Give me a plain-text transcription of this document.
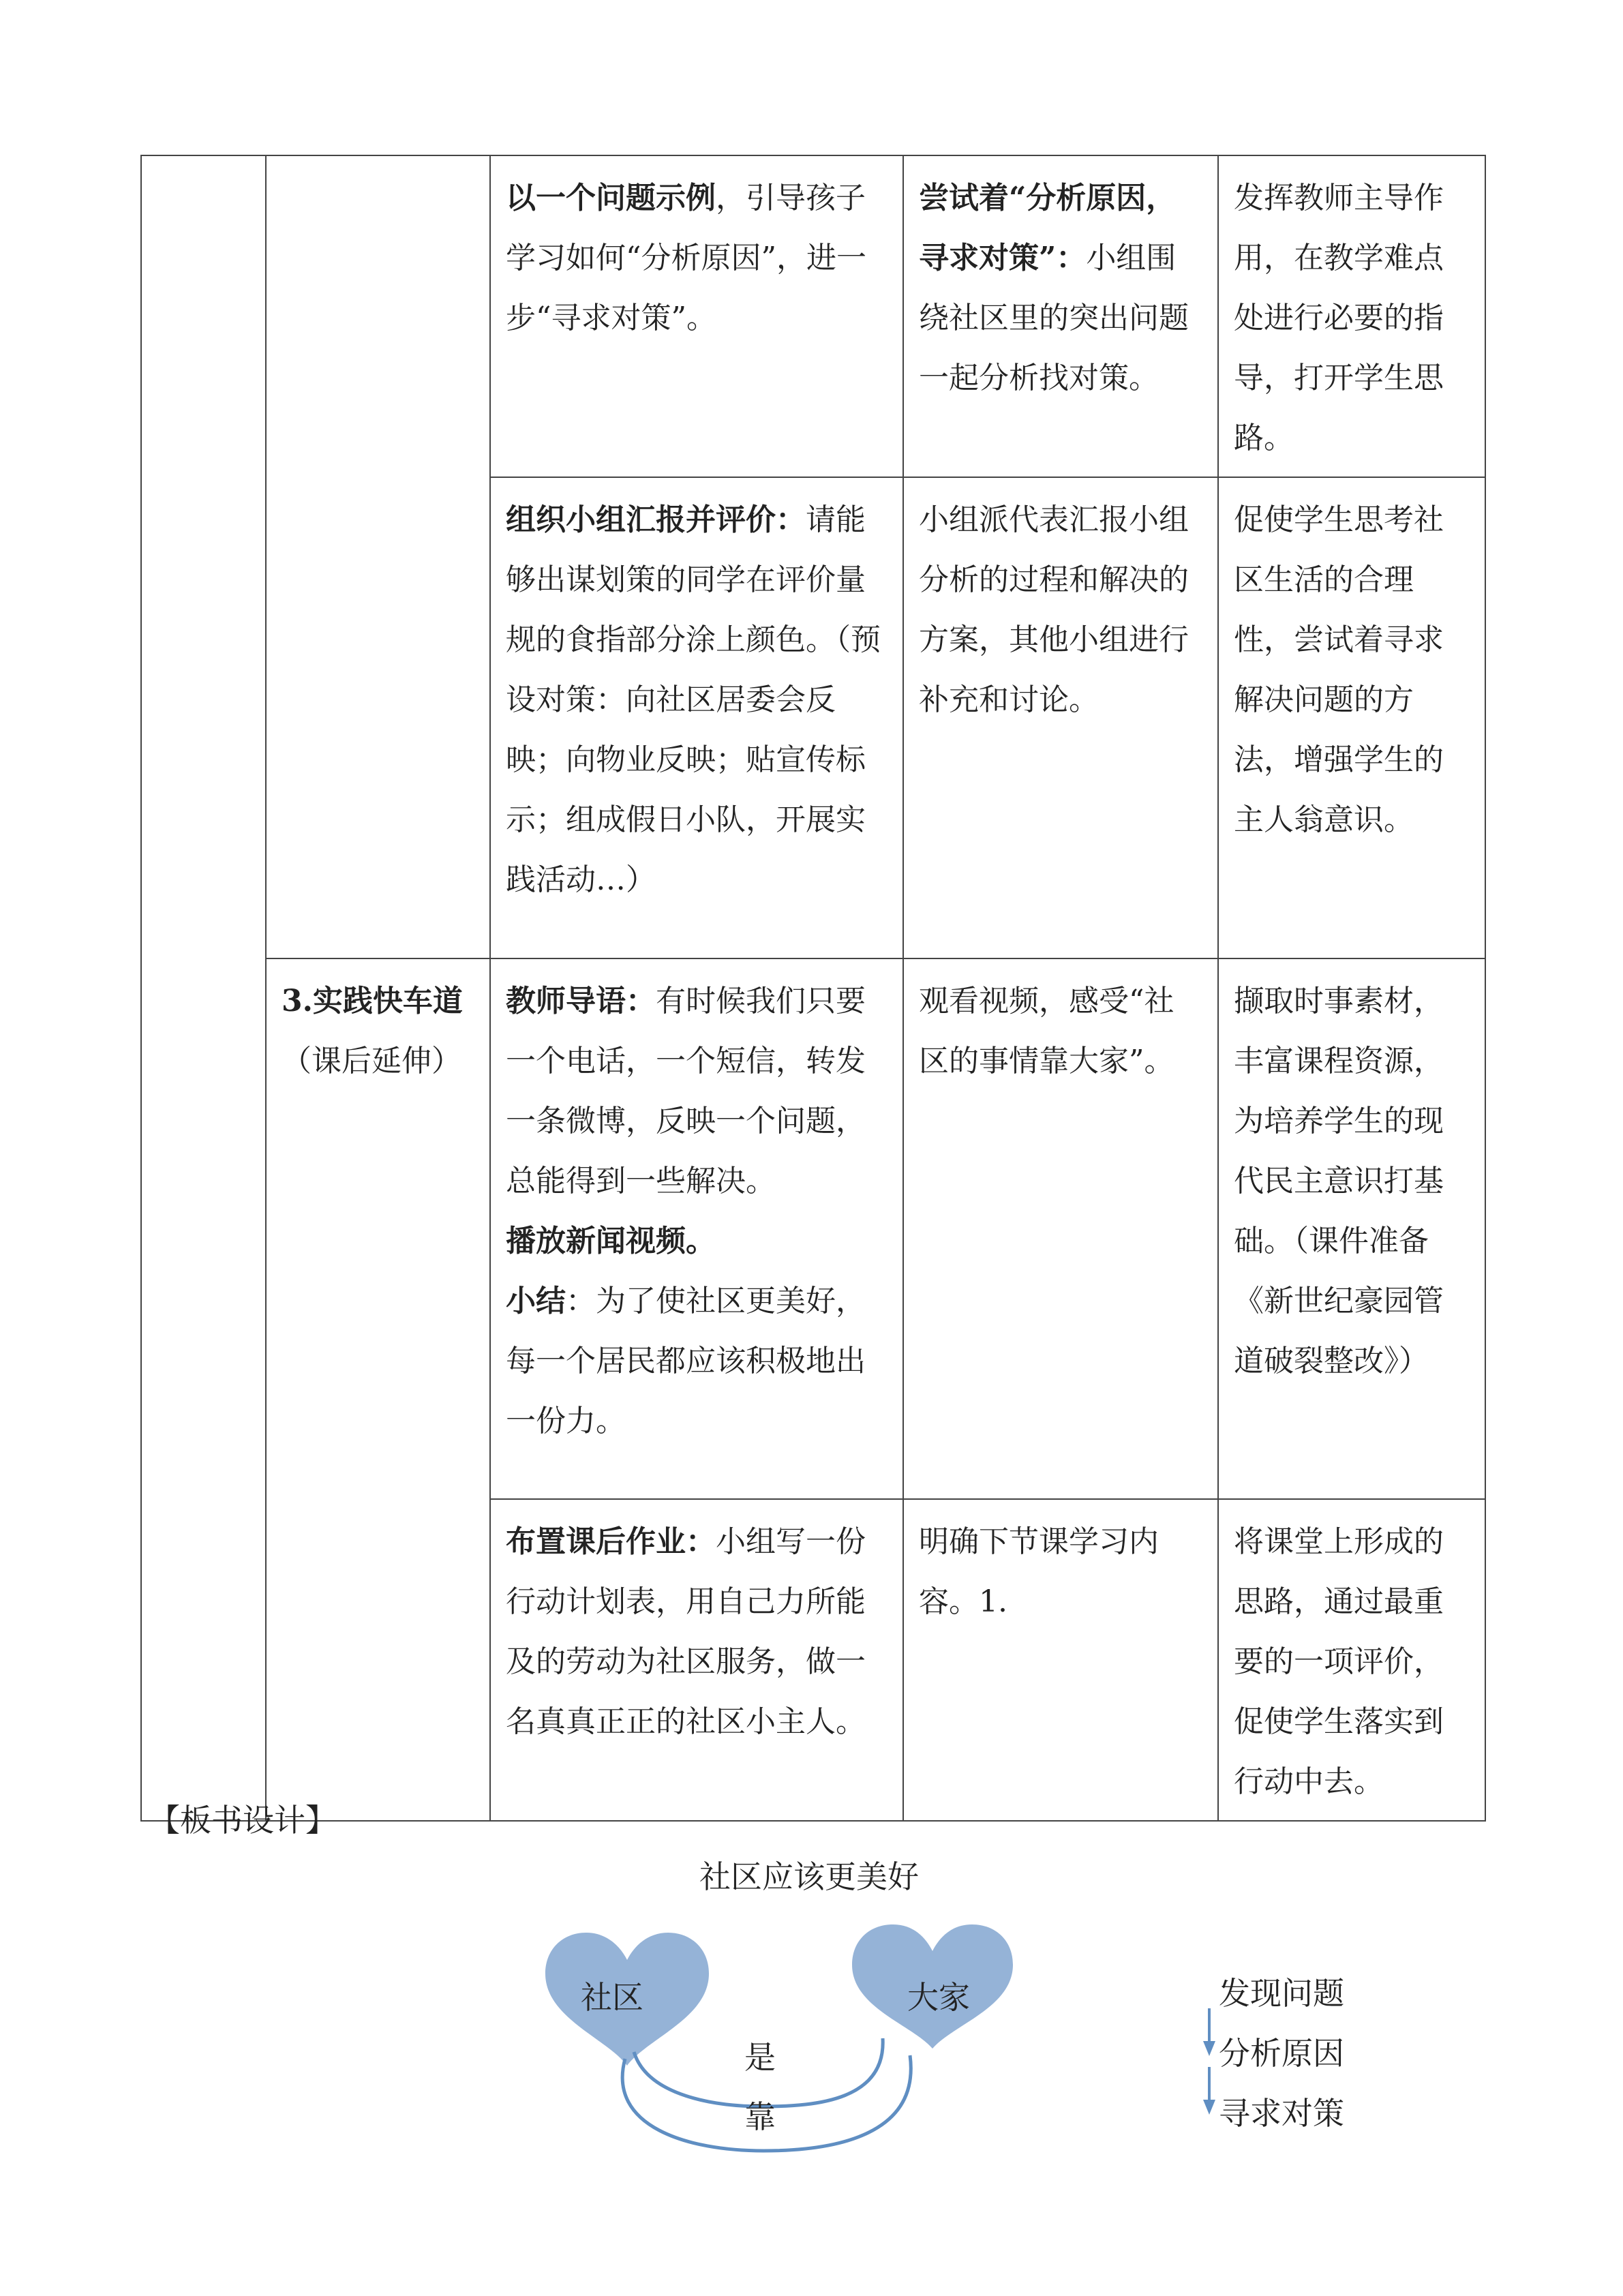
		以一个问题示例，引导孩子学习如何“分析原因”，进一步“寻求对策”。	尝试着“分析原因，寻求对策”：小组围绕社区里的突出问题一起分析找对策。	发挥教师主导作用，在教学难点处进行必要的指导，打开学生思路。
		组织小组汇报并评价：请能够出谋划策的同学在评价量规的食指部分涂上颜色。（预设对策：向社区居委会反映；向物业反映；贴宣传标示；组成假日小队，开展实践活动…）	小组派代表汇报小组分析的过程和解决的方案，其他小组进行补充和讨论。	促使学生思考社区生活的合理性，尝试着寻求解决问题的方法，增强学生的主人翁意识。
	3.实践快车道（课后延伸）	教师导语：有时候我们只要一个电话，一个短信，转发一条微博，反映一个问题，总能得到一些解决。
播放新闻视频。
小结：为了使社区更美好，每一个居民都应该积极地出一份力。	观看视频，感受“社区的事情靠大家”。	撷取时事素材，丰富课程资源，为培养学生的现代民主意识打基础。（课件准备《新世纪豪园管道破裂整改》）
		布置课后作业：小组写一份行动计划表，用自己力所能及的劳动为社区服务，做一名真真正正的社区小主人。	明确下节课学习内容。1.	将课堂上形成的思路，通过最重要的一项评价，促使学生落实到行动中去。
【板书设计】
社区应该更美好
社区	大家
是
靠
发现问题
分析原因
寻求对策
